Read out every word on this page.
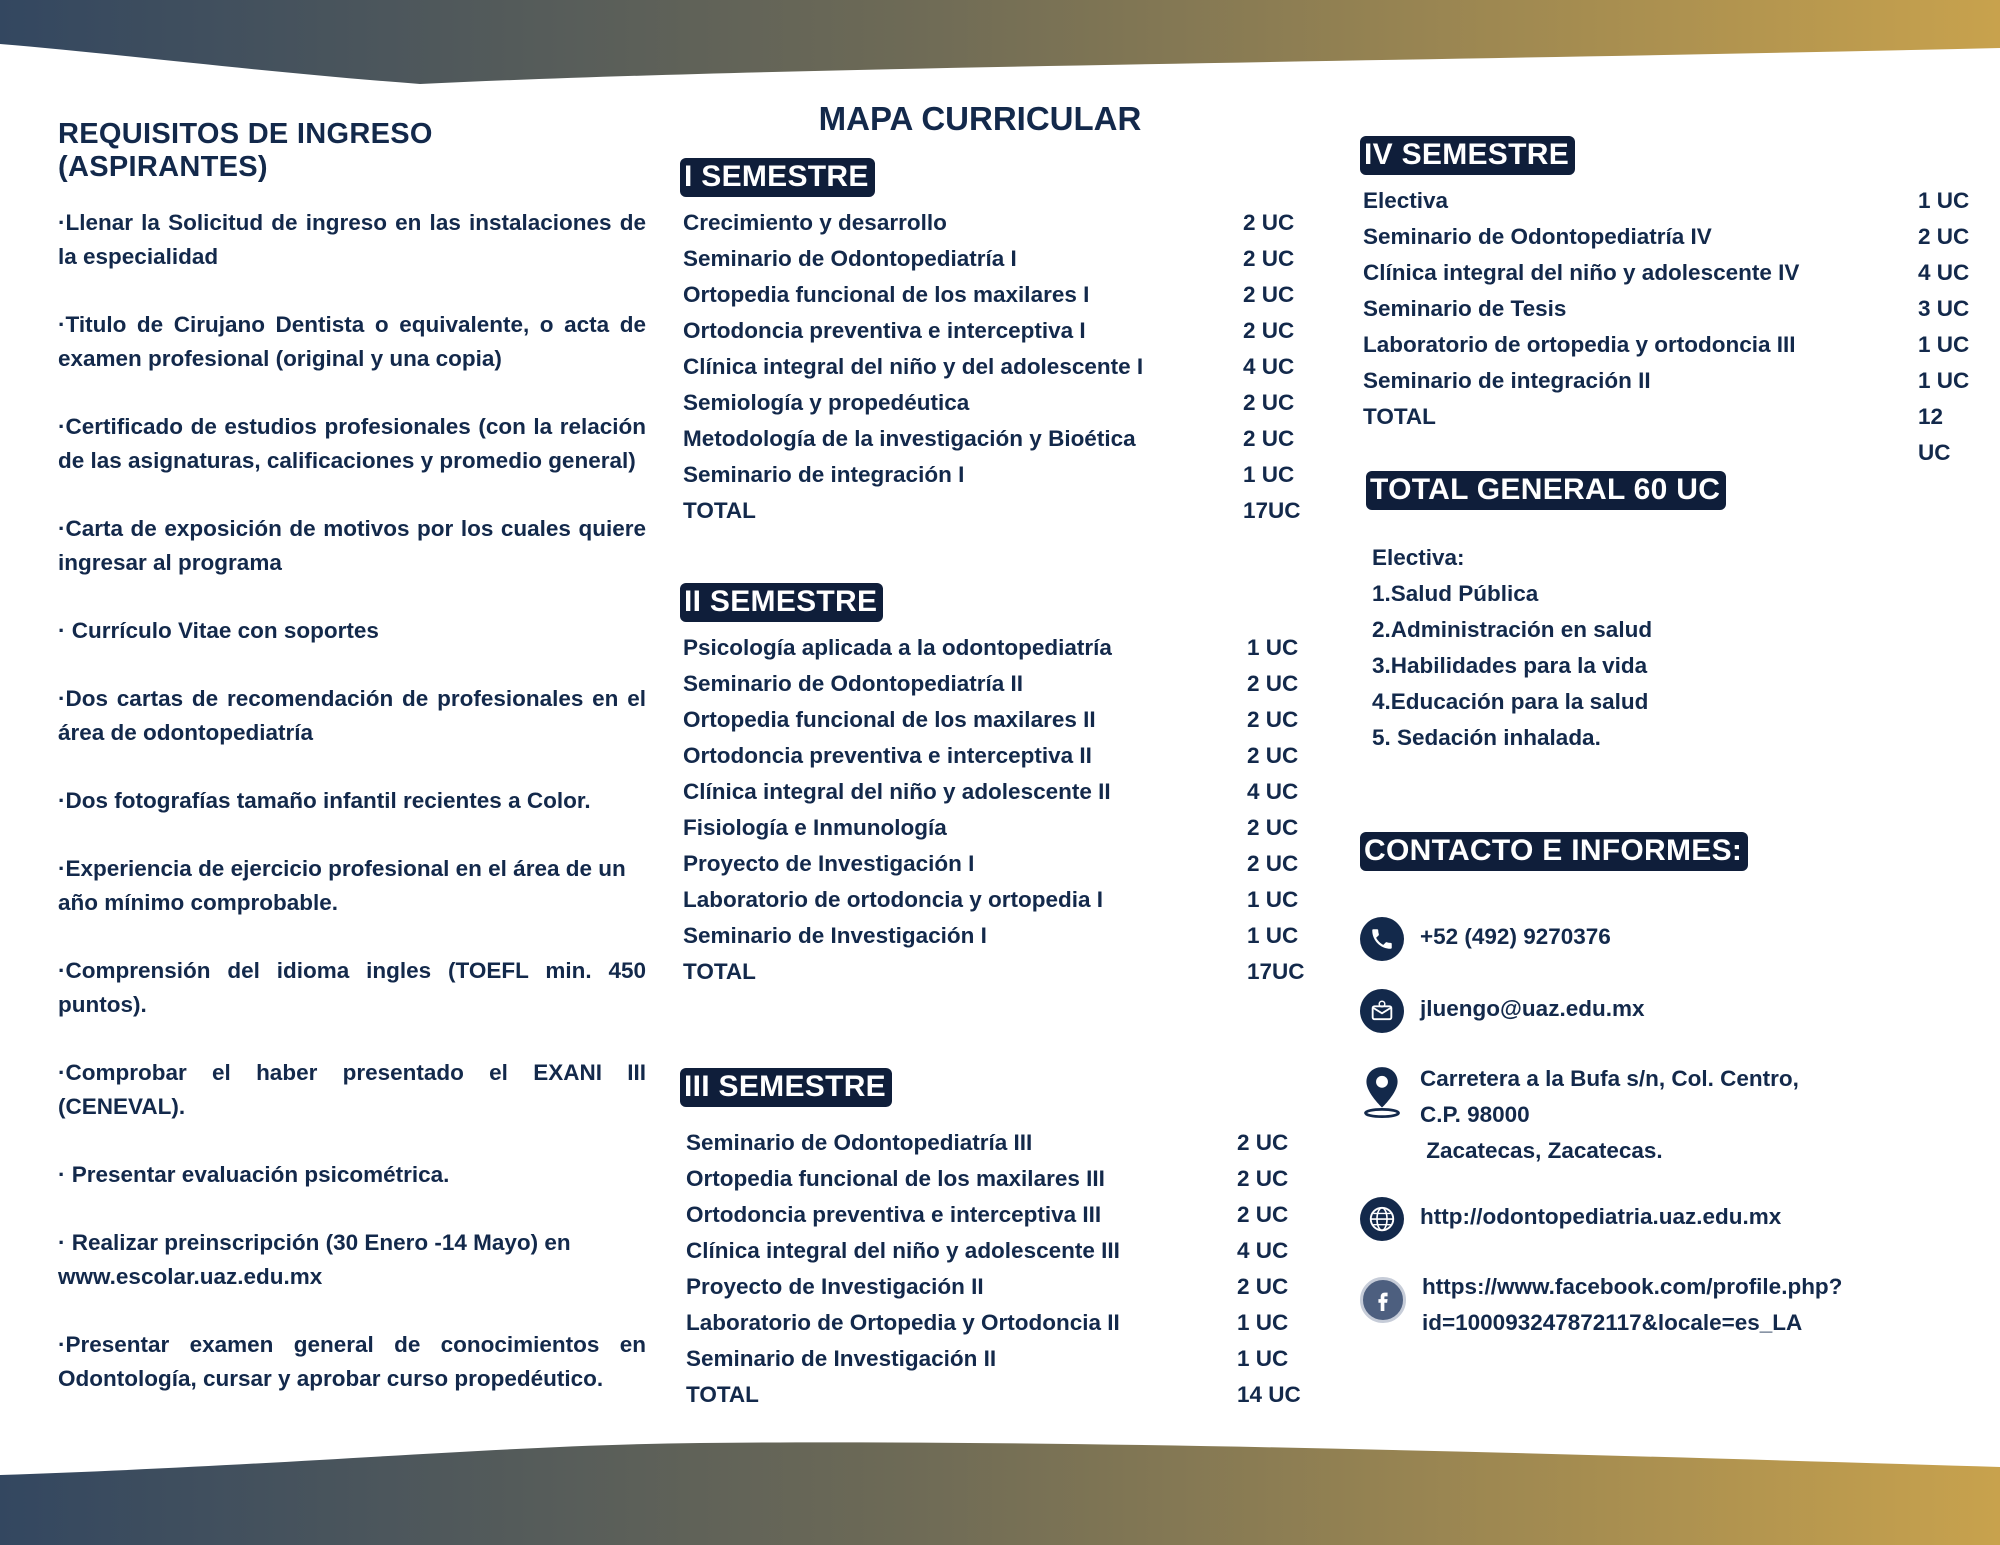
REQUISITOS DE INGRESO (ASPIRANTES)
·Llenar la Solicitud de ingreso en las instalaciones de la especialidad
·Titulo de Cirujano Dentista o equivalente, o acta de examen profesional (original y una copia)
·Certificado de estudios profesionales (con la relación de las asignaturas, calificaciones y promedio general)
·Carta de exposición de motivos por los cuales quiere ingresar al programa
· Currículo Vitae con soportes
·Dos cartas de recomendación de profesionales en el área de odontopediatría
·Dos fotografías tamaño infantil recientes a Color.
·Experiencia de ejercicio profesional en el área de un año mínimo comprobable.
·Comprensión del idioma ingles (TOEFL min. 450 puntos).
·Comprobar el haber presentado el EXANI III (CENEVAL).
· Presentar evaluación psicométrica.
· Realizar preinscripción (30 Enero -14 Mayo) en www.escolar.uaz.edu.mx
·Presentar examen general de conocimientos en Odontología, cursar y aprobar curso propedéutico.
MAPA CURRICULAR
I SEMESTRE
Crecimiento y desarrollo	2 UC
Seminario de Odontopediatría I	2 UC
Ortopedia funcional de los maxilares I	2 UC
Ortodoncia preventiva e interceptiva I	2 UC
Clínica integral del niño y del adolescente I	4 UC
Semiología y propedéutica	2 UC
Metodología de la investigación y Bioética	2 UC
Seminario de integración I	1 UC
TOTAL	17UC
II SEMESTRE
Psicología aplicada a la odontopediatría	1 UC
Seminario de Odontopediatría II	2 UC
Ortopedia funcional de los maxilares II	2 UC
Ortodoncia preventiva e interceptiva II	2 UC
Clínica integral del niño y adolescente II	4 UC
Fisiología e Inmunología	2 UC
Proyecto de Investigación I	2 UC
Laboratorio de ortodoncia y ortopedia I	1 UC
Seminario de Investigación I	1 UC
TOTAL	17UC
III SEMESTRE
Seminario de Odontopediatría III	2 UC
Ortopedia funcional de los maxilares III	2 UC
Ortodoncia preventiva e interceptiva III	2 UC
Clínica integral del niño y adolescente III	4 UC
Proyecto de Investigación II	2 UC
Laboratorio de Ortopedia y Ortodoncia II	1 UC
Seminario de Investigación II	1 UC
TOTAL	14 UC
IV SEMESTRE
Electiva	1 UC
Seminario de Odontopediatría IV	2 UC
Clínica integral del niño y adolescente IV	4 UC
Seminario de Tesis	3 UC
Laboratorio de ortopedia y ortodoncia III	1 UC
Seminario de integración II	1 UC
TOTAL	12 UC
TOTAL GENERAL 60 UC
Electiva:
1.Salud Pública
2.Administración en salud
3.Habilidades para la vida
4.Educación para la salud
5. Sedación inhalada.
CONTACTO E INFORMES:
+52 (492) 9270376
jluengo@uaz.edu.mx
Carretera a la Bufa s/n, Col. Centro,
C.P. 98000
Zacatecas, Zacatecas.
http://odontopediatria.uaz.edu.mx
https://www.facebook.com/profile.php?
id=100093247872117&locale=es_LA
